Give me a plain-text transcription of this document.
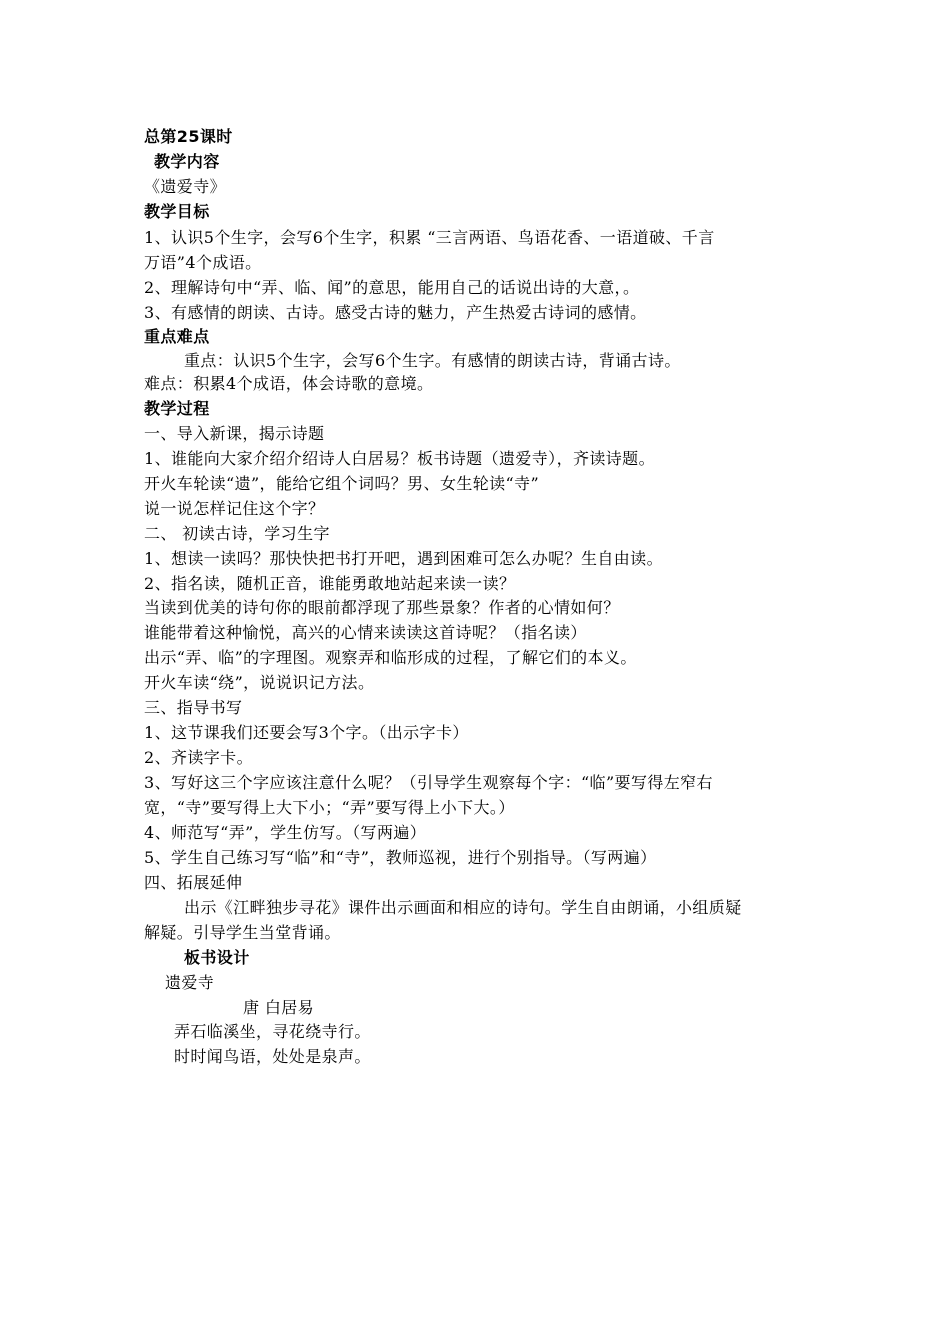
总第25课时
教学内容
《遗爱寺》
教学目标
1、认识5个生字，会写6个生字，积累 “三言两语、鸟语花香、一语道破、千言
万语”4个成语。
2、理解诗句中“弄、临、闻”的意思，能用自己的话说出诗的大意，。
3、有感情的朗读、古诗。感受古诗的魅力，产生热爱古诗词的感情。
重点难点
重点：认识5个生字，会写6个生字。有感情的朗读古诗，背诵古诗。
难点：积累4个成语，体会诗歌的意境。
教学过程
一、导入新课，揭示诗题
1、谁能向大家介绍介绍诗人白居易？板书诗题（遗爱寺），齐读诗题。
开火车轮读“遗”，能给它组个词吗？男、女生轮读“寺”
说一说怎样记住这个字？
二、 初读古诗，学习生字
1、想读一读吗？那快快把书打开吧，遇到困难可怎么办呢？生自由读。
2、指名读，随机正音，谁能勇敢地站起来读一读？
当读到优美的诗句你的眼前都浮现了那些景象？作者的心情如何？
谁能带着这种愉悦，高兴的心情来读读这首诗呢？（指名读）
出示“弄、临”的字理图。观察弄和临形成的过程，了解它们的本义。
开火车读“绕”，说说识记方法。
三、指导书写
1、这节课我们还要会写3个字。（出示字卡）
2、齐读字卡。
3、写好这三个字应该注意什么呢？（引导学生观察每个字：“临”要写得左窄右
宽，“寺”要写得上大下小；“弄”要写得上小下大。）
4、师范写“弄”，学生仿写。（写两遍）
5、学生自己练习写“临”和“寺”，教师巡视，进行个别指导。（写两遍）
四、拓展延伸
出示《江畔独步寻花》课件出示画面和相应的诗句。学生自由朗诵，小组质疑
解疑。引导学生当堂背诵。
板书设计
遗爱寺
唐 白居易
弄石临溪坐，寻花绕寺行。
时时闻鸟语，处处是泉声。
